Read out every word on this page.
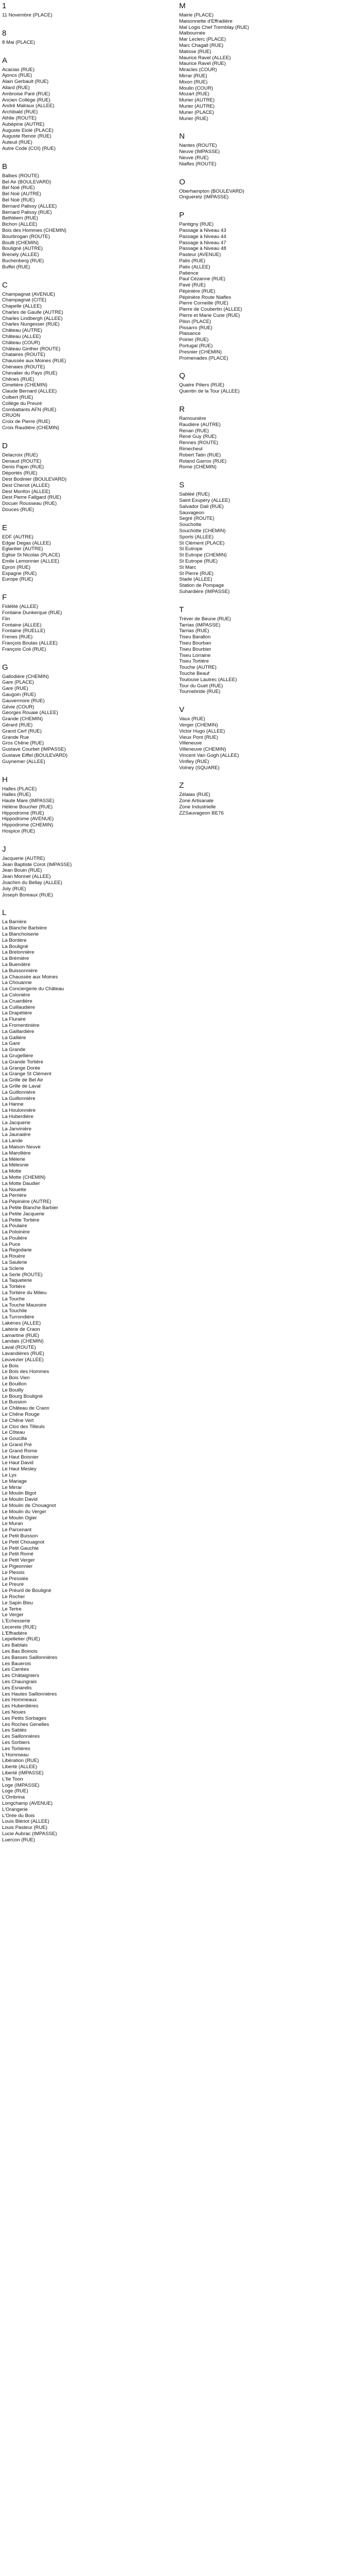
1
11 Novembre (PLACE)
8
8 Mai (PLACE)
A
Acacias (RUE)
Ajoncs (RUE)
Alain Gerbault (RUE)
Allard (RUE)
Ambroise Paré (RUE)
Ancien Collège (RUE)
André Malraux (ALLEE)
Archibald (RUE)
Athlie (ROUTE)
Aubépine (AUTRE)
Auguste Eiolé (PLACE)
Auguste Renoir (RUE)
Auteuil (RUE)
Autre Code (COI) (RUE)
B
Balbes (ROUTE)
Bel Air (BOULEVARD)
Bel Noë (RUE)
Bel Noë (AUTRE)
Bel Noë (RUE)
Bernard Palissy (ALLEE)
Bernard Palissy (RUE)
Bethléem (RUE)
Bichon (ALLEE)
Bois des Hommes (CHEMIN)
Bourbrogan (ROUTE)
Boullt (CHEMIN)
Boulignè (AUTRE)
Brenely (ALLEE)
Buchenberg (RUE)
Buffet (RUE)
C
Champagnat (AVENUE)
Champagnat (CITE)
Chapelle (ALLEE)
Charles de Gaulle (AUTRE)
Charles Lindbergh (ALLEE)
Charles Nungesser (RUE)
Château (AUTRE)
Château (ALLEE)
Château (COUR)
Château Ginther (ROUTE)
Chataires (ROUTE)
Chaussée aux Moines (RUE)
Chénaies (ROUTE)
Chevalier du Pays (RUE)
Chênes (RUE)
Cimetière (CHEMIN)
Claude Bernard (ALLEE)
Colbert (RUE)
Collège du Preuré
Combattants AFN (RUE)
CRUON
Croix de Pierre (RUE)
Croix Raudière (CHEMIN)
D
Delacroix (RUE)
Denaud (ROUTE)
Denis Papin (RUE)
Déportés (RUE)
Dest Bodinier (BOULEVARD)
Dest Chenot (ALLEE)
Dest Monfon (ALLEE)
Dest Pierre Fallgard (RUE)
Docuer Rousseau (RUE)
Douces (RUE)
E
EDF (AUTRE)
Edgar Degas (ALLEE)
Eglantier (AUTRE)
Eglise St Nicolas (PLACE)
Emile Lemonnier (ALLEE)
Epron (RUE)
Espagne (RUE)
Europe (RUE)
F
Fidélité (ALLEE)
Fontaine Dunkerque (RUE)
Flin
Fontaine (ALLEE)
Fontaine (RUELLE)
Frenes (RUE)
François Boulas (ALLEE)
François Coli (RUE)
G
Gallodière (CHEMIN)
Gare (PLACE)
Gare (RUE)
Gaugoin (RUE)
Gauvermore (RUE)
Gévie (COUR)
Georges Rouaie (ALLEE)
Grande (CHEMIN)
Gérard (RUE)
Grand Cerf (RUE)
Grande Rue
Gros Chêne (RUE)
Gustave Courbet (IMPASSE)
Gustave Eiffel (BOULEVARD)
Guynemer (ALLEE)
H
Halles (PLACE)
Halles (RUE)
Haute Mare (IMPASSE)
Hélène Boucher (RUE)
Hippodrome (RUE)
Hippodrome (AVENUE)
Hippodrome (CHEMIN)
Hospice (RUE)
J
Jacquerie (AUTRE)
Jean Baptiste Corot (IMPASSE)
Jean Bouin (RUE)
Jean Monnet (ALLEE)
Joachim du Bellay (ALLEE)
Joly (RUE)
Joseph Boreaux (RUE)
L
La Barrière
La Blanche Barbière
La Blanchoiserie
La Bordère
La Boulignè
La Brelonnière
La Brèmière
La Buendère
La Buissonnière
La Chaussée aux Moines
La Chouanne
La Conciergerie du Château
La Colonière
La Cruardière
La Cuillaudière
La Drapétière
La Fluraire
La Fromentinière
La Gaillardière
La Galliére
La Gare
La Grande
La Grugellière
La Grande Tortière
La Grange Dorée
La Grange St Clément
La Grille de Bel Air
La Grille de Laval
La Guillonnière
La Guillonnière
La Hanne
La Houlonnière
La Huberdière
La Jacquerie
La Janvinière
La Jaunaière
La Lande
La Maison Neuve
La Marollière
La Mélerie
La Mélesnie
La Motte
La Motte (CHEMIN)
La Motte Daudier
La Nouette
La Perrière
La Pépinière (AUTRE)
La Petite Blanche Barbier
La Petite Jacquerie
La Petite Tortière
La Poulaire
La Poloinère
La Poulière
La Puce
La Regodarie
La Rouère
La Saulerie
La Sclerie
La Serle (ROUTE)
La Taqueterie
La Tortière
La Tortière du Milieu
La Touche
La Touche Mauvoire
La Touchile
La Turrondière
Lakénes (ALLEE)
Laiterie de Craon
Lamartine (RUE)
Landais (CHEMIN)
Laval (ROUTE)
Lavandières (RUE)
Leuvezier (ALLEE)
Le Bois
Le Bois des Hommes
Le Bois Vien
Le Bouillon
Le Bouilly
Le Bourg Boulignè
Le Bussion
Le Château de Craon
Le Chêne Rouge
Le Chêne Vert
Le Clos des Tilleuls
Le Côteau
Le Goucilla
Le Grand Pré
Le Grand Rome
Le Haut Boisnier
Le Haut David
Le Haut Mesley
Le Lys
Le Mariage
Le Mirrar
Le Moulin Bigot
Le Moulin David
Le Moulin de Chouagnot
Le Moulin du Verger
Le Moulin Ogier
Le Muran
Le Parcenant
Le Petit Buisson
Le Petit Chouagnot
Le Petit Gauchie
Le Petit Romé
Le Petit Verger
Le Pigeonnier
Le Plessis
Le Pressiée
Le Preuré
Le Préurd de Boulignè
Le Rocher
Le Sapin Bleu
Le Tertre
Le Verger
L'Echesserie
Lecerete (RUE)
L'Effradière
Lepelletier (RUE)
Les Bablais
Les Bas Boinois
Les Basses Saillonnières
Les Bauerois
Les Carrées
Les Châtaigniers
Les Chaungrais
Les Esnarelis
Les Hautes Saillonnières
Les Hommeaux
Les Huberdières
Les Noues
Les Petits Sorbages
Les Roches Genelles
Les Sablés
Les Saillonnières
Les Sorbiers
Les Tortières
L'Hommeau
Libération (RUE)
Libertè (ALLEE)
Liberté (IMPASSE)
L'Ile Toon
Loge (IMPASSE)
Loge (RUE)
L'Ombrina
Longchamp (AVENUE)
L'Orangerie
L'Orée du Bois
Louis Blériot (ALLEE)
Louis Pasteur (RUE)
Lucie Aubrac (IMPASSE)
Luercon (RUE)
M
Mairie (PLACE)
Maisonnette d'Effradière
Mal Logis Chef Tremblay (RUE)
Malbournée
Mar Leclerc (PLACE)
Marc Chagall (RUE)
Matisse (RUE)
Maurice Ravel (ALLEE)
Maurice Ravel (RUE)
Miracles (COUR)
Mirrar (RUE)
Mixon (RUE)
Moulin (COUR)
Mozart (RUE)
Murier (AUTRE)
Murier (AUTRE)
Murier (PLACE)
Murier (RUE)
N
Nantes (ROUTE)
Neuve (IMPASSE)
Neuve (RUE)
Niafles (ROUTE)
O
Oberhampton (BOULEVARD)
Ongueretz (IMPASSE)
P
Pantigny (RUE)
Passage à Niveau 43
Passage à Niveau 44
Passage à Niveau 47
Passage à Niveau 48
Pasteur (AVENUE)
Patis (RUE)
Patis (ALLEE)
Patience
Paul Cézanne (RUE)
Pavé (RUE)
Pépinière (RUE)
Pépinière Route Niafles
Pierre Corneille (RUE)
Pierre de Coubertin (ALLEE)
Pierre et Marie Curie (RUE)
Pilon (PLACE)
Pissarro (RUE)
Plaisance
Poirier (RUE)
Portugal (RUE)
Presnier (CHEMIN)
Promenades (PLACE)
Q
Quatre Piliers (RUE)
Quentin de la Tour (ALLEE)
R
Ramounière
Raudière (AUTRE)
Renan (RUE)
René Guy (RUE)
Rennes (ROUTE)
Rimecheul
Robert Tatin (RUE)
Roland Garros (RUE)
Rome (CHEMIN)
S
Sablèé (RUE)
Saint Exupéry (ALLEE)
Salvador Dali (RUE)
Sauvageon
Segré (ROUTE)
Souchotte
Souchotte (CHEMIN)
Sports (ALLEE)
St Clément (PLACE)
St Eutrope
St Eutrope (CHEMIN)
St Eutrope (RUE)
St Marc
St Pierre (RUE)
Stade (ALLEE)
Station de Pompage
Suhardière (IMPASSE)
T
Trèver de Beune (RUE)
Tarrias (IMPASSE)
Tarrias (RUE)
Tiseu Barallon
Tiseu Bourban
Tiseu Bourbier
Tiseu Lorraine
Tiseu Tortière
Touche (AUTRE)
Touche Beauf
Toulouse Lautrec (ALLEE)
Tour du Guet (RUE)
Tournebride (RUE)
V
Vaux (RUE)
Verger (CHEMIN)
Victor Hugo (ALLEE)
Vieux Pont (RUE)
Villeneuve
Villeneuve (CHEMIN)
Vincent Van Gogh (ALLEE)
Vinfley (RUE)
Volney (SQUARE)
Z
Zélaias (RUE)
Zone Artisanale
Zone Industrielle
ZZSauvageon BE76
